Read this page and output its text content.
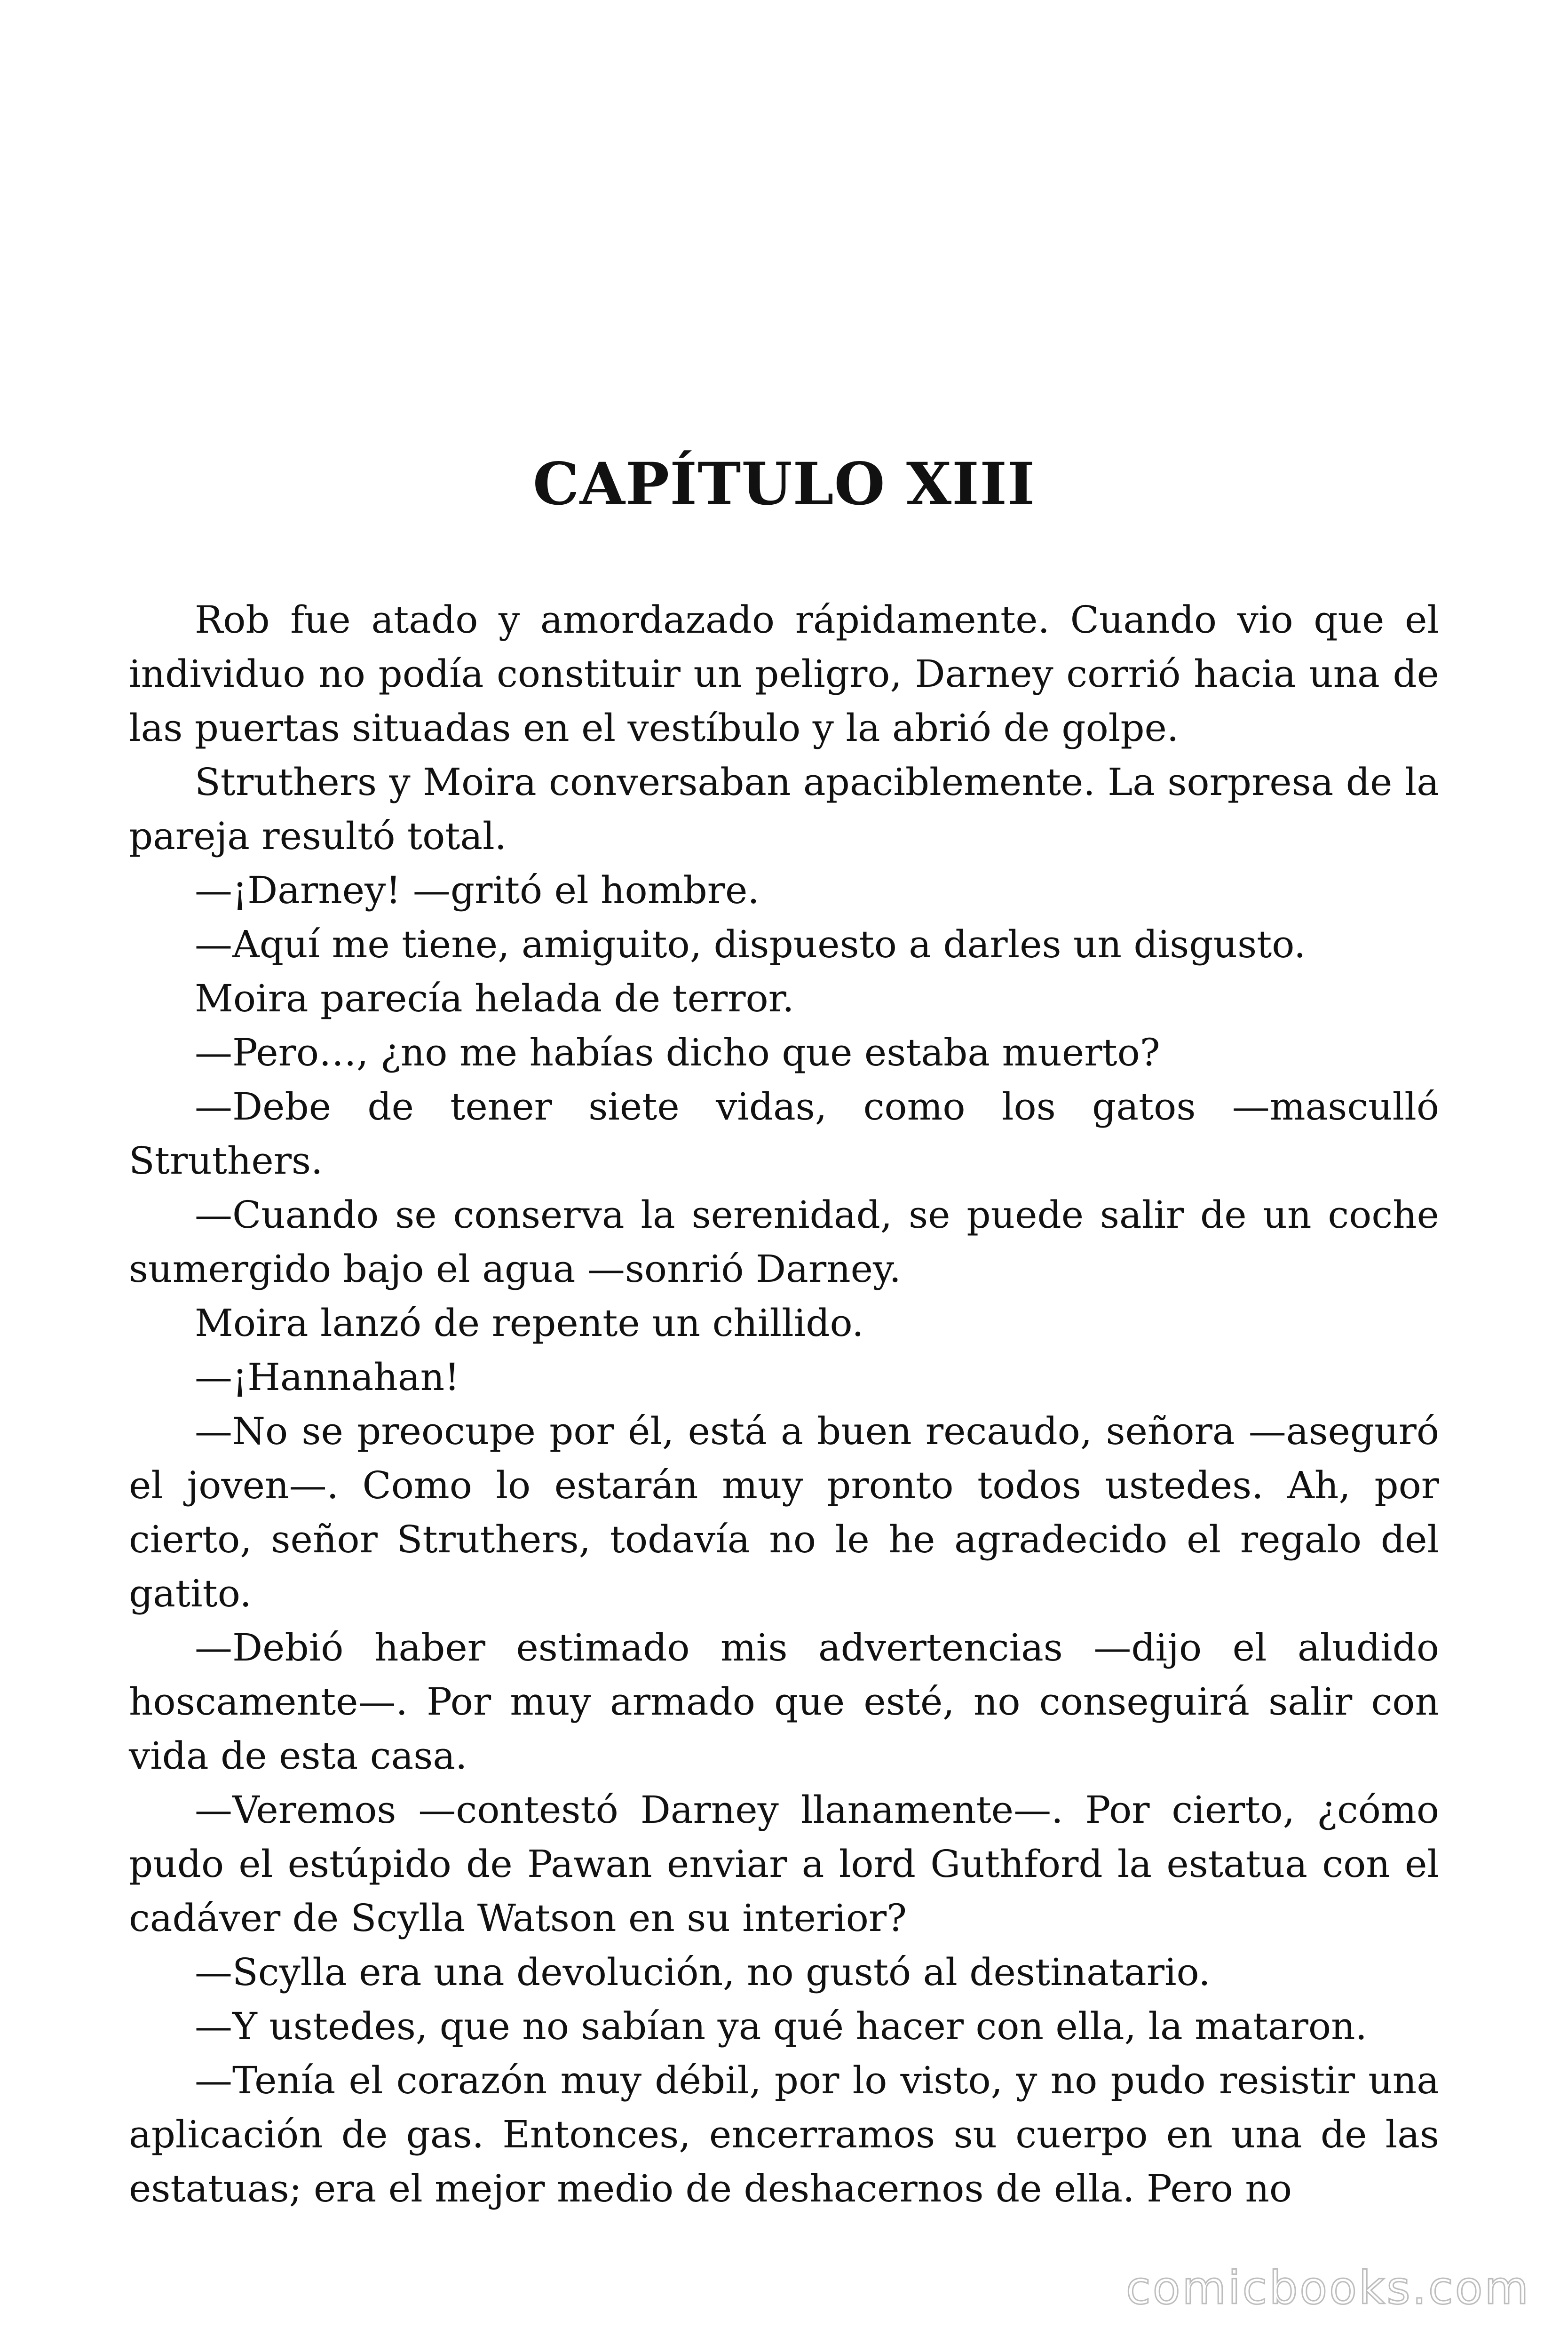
CAPÍTULO XIII

Rob fue atado y amordazado rápidamente. Cuando vio que el individuo no podía constituir un peligro, Darney corrió hacia una de las puertas situadas en el vestíbulo y la abrió de golpe.

Struthers y Moira conversaban apaciblemente. La sorpresa de la pareja resultó total.

—¡Darney! —gritó el hombre.

—Aquí me tiene, amiguito, dispuesto a darles un disgusto.

Moira parecía helada de terror.

—Pero…, ¿no me habías dicho que estaba muerto?

—Debe de tener siete vidas, como los gatos —masculló Struthers.

—Cuando se conserva la serenidad, se puede salir de un coche sumergido bajo el agua —sonrió Darney.

Moira lanzó de repente un chillido.

—¡Hannahan!

—No se preocupe por él, está a buen recaudo, señora —aseguró el joven—. Como lo estarán muy pronto todos ustedes. Ah, por cierto, señor Struthers, todavía no le he agradecido el regalo del gatito.

—Debió haber estimado mis advertencias —dijo el aludido hoscamente—. Por muy armado que esté, no conseguirá salir con vida de esta casa.

—Veremos —contestó Darney llanamente—. Por cierto, ¿cómo pudo el estúpido de Pawan enviar a lord Guthford la estatua con el cadáver de Scylla Watson en su interior?

—Scylla era una devolución, no gustó al destinatario.

—Y ustedes, que no sabían ya qué hacer con ella, la mataron.

—Tenía el corazón muy débil, por lo visto, y no pudo resistir una aplicación de gas. Entonces, encerramos su cuerpo en una de las estatuas; era el mejor medio de deshacernos de ella. Pero no

comicbooks.com
